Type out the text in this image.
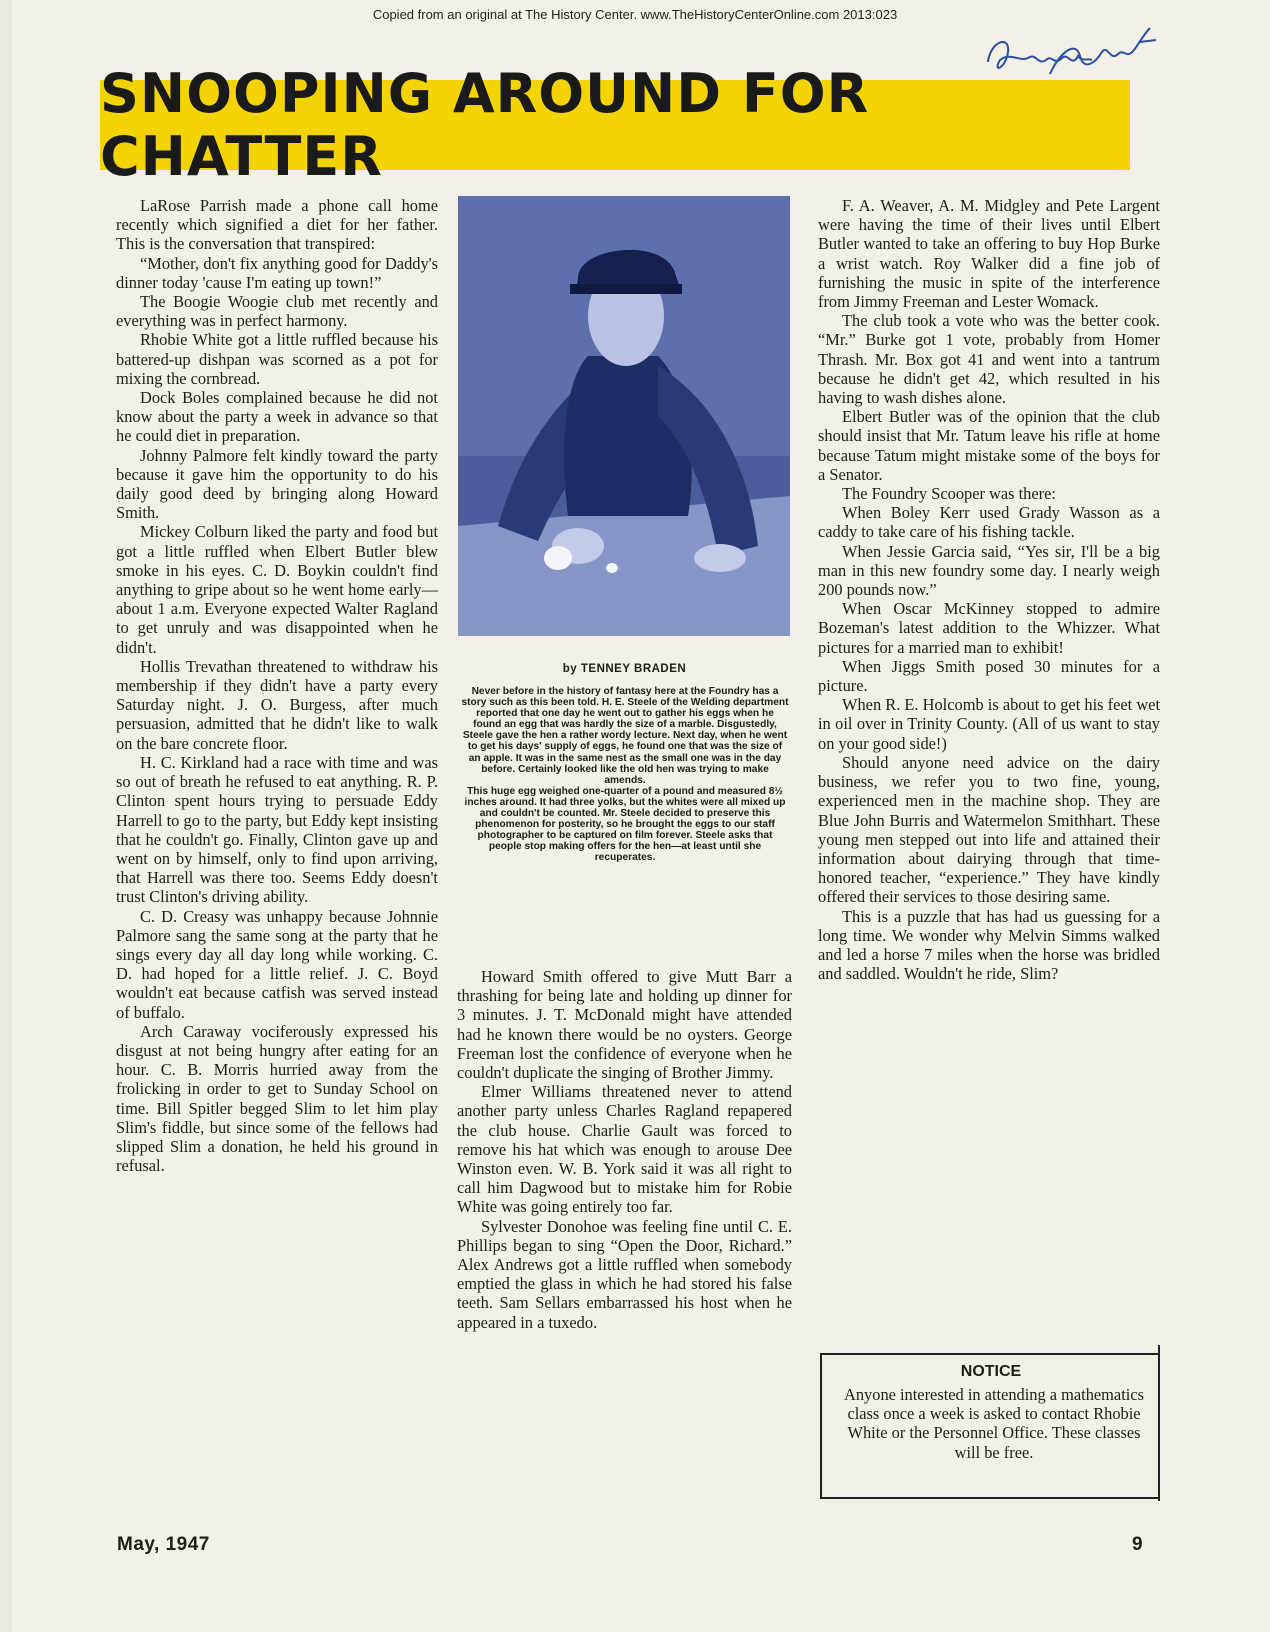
Copied from an original at The History Center. www.TheHistoryCenterOnline.com 2013:023
SNOOPING AROUND FOR CHATTER

LaRose Parrish made a phone call home recently which signified a diet for her father. This is the conversation that transpired:

“Mother, don't fix anything good for Daddy's dinner today 'cause I'm eating up town!”

The Boogie Woogie club met recently and everything was in perfect harmony.

Rhobie White got a little ruffled because his battered-up dishpan was scorned as a pot for mixing the cornbread.

Dock Boles complained because he did not know about the party a week in advance so that he could diet in preparation.

Johnny Palmore felt kindly toward the party because it gave him the opportunity to do his daily good deed by bringing along Howard Smith.

Mickey Colburn liked the party and food but got a little ruffled when Elbert Butler blew smoke in his eyes. C. D. Boykin couldn't find anything to gripe about so he went home early—about 1 a.m. Everyone expected Walter Ragland to get unruly and was disappointed when he didn't.

Hollis Trevathan threatened to withdraw his membership if they didn't have a party every Saturday night. J. O. Burgess, after much persuasion, admitted that he didn't like to walk on the bare concrete floor.

H. C. Kirkland had a race with time and was so out of breath he refused to eat anything. R. P. Clinton spent hours trying to persuade Eddy Harrell to go to the party, but Eddy kept insisting that he couldn't go. Finally, Clinton gave up and went on by himself, only to find upon arriving, that Harrell was there too. Seems Eddy doesn't trust Clinton's driving ability.

C. D. Creasy was unhappy because Johnnie Palmore sang the same song at the party that he sings every day all day long while working. C. D. had hoped for a little relief. J. C. Boyd wouldn't eat because catfish was served instead of buffalo.

Arch Caraway vociferously expressed his disgust at not being hungry after eating for an hour. C. B. Morris hurried away from the frolicking in order to get to Sunday School on time. Bill Spitler begged Slim to let him play Slim's fiddle, but since some of the fellows had slipped Slim a donation, he held his ground in refusal.

by TENNEY BRADEN

Never before in the history of fantasy here at the Foundry has a story such as this been told. H. E. Steele of the Welding department reported that one day he went out to gather his eggs when he found an egg that was hardly the size of a marble. Disgustedly, Steele gave the hen a rather wordy lecture. Next day, when he went to get his days' supply of eggs, he found one that was the size of an apple. It was in the same nest as the small one was in the day before. Certainly looked like the old hen was trying to make amends.

This huge egg weighed one-quarter of a pound and measured 8½ inches around. It had three yolks, but the whites were all mixed up and couldn't be counted. Mr. Steele decided to preserve this phenomenon for posterity, so he brought the eggs to our staff photographer to be captured on film forever. Steele asks that people stop making offers for the hen—at least until she recuperates.

Howard Smith offered to give Mutt Barr a thrashing for being late and holding up dinner for 3 minutes. J. T. McDonald might have attended had he known there would be no oysters. George Freeman lost the confidence of everyone when he couldn't duplicate the singing of Brother Jimmy.

Elmer Williams threatened never to attend another party unless Charles Ragland repapered the club house. Charlie Gault was forced to remove his hat which was enough to arouse Dee Winston even. W. B. York said it was all right to call him Dagwood but to mistake him for Robie White was going entirely too far.

Sylvester Donohoe was feeling fine until C. E. Phillips began to sing “Open the Door, Richard.” Alex Andrews got a little ruffled when somebody emptied the glass in which he had stored his false teeth. Sam Sellars embarrassed his host when he appeared in a tuxedo.

F. A. Weaver, A. M. Midgley and Pete Largent were having the time of their lives until Elbert Butler wanted to take an offering to buy Hop Burke a wrist watch. Roy Walker did a fine job of furnishing the music in spite of the interference from Jimmy Freeman and Lester Womack.

The club took a vote who was the better cook. “Mr.” Burke got 1 vote, probably from Homer Thrash. Mr. Box got 41 and went into a tantrum because he didn't get 42, which resulted in his having to wash dishes alone.

Elbert Butler was of the opinion that the club should insist that Mr. Tatum leave his rifle at home because Tatum might mistake some of the boys for a Senator.

The Foundry Scooper was there:

When Boley Kerr used Grady Wasson as a caddy to take care of his fishing tackle.

When Jessie Garcia said, “Yes sir, I'll be a big man in this new foundry some day. I nearly weigh 200 pounds now.”

When Oscar McKinney stopped to admire Bozeman's latest addition to the Whizzer. What pictures for a married man to exhibit!

When Jiggs Smith posed 30 minutes for a picture.

When R. E. Holcomb is about to get his feet wet in oil over in Trinity County. (All of us want to stay on your good side!)

Should anyone need advice on the dairy business, we refer you to two fine, young, experienced men in the machine shop. They are Blue John Burris and Watermelon Smithhart. These young men stepped out into life and attained their information about dairying through that time-honored teacher, “experience.” They have kindly offered their services to those desiring same.

This is a puzzle that has had us guessing for a long time. We wonder why Melvin Simms walked and led a horse 7 miles when the horse was bridled and saddled. Wouldn't he ride, Slim?

NOTICE
Anyone interested in attending a mathematics class once a week is asked to contact Rhobie White or the Personnel Office. These classes will be free.
May, 1947	9
